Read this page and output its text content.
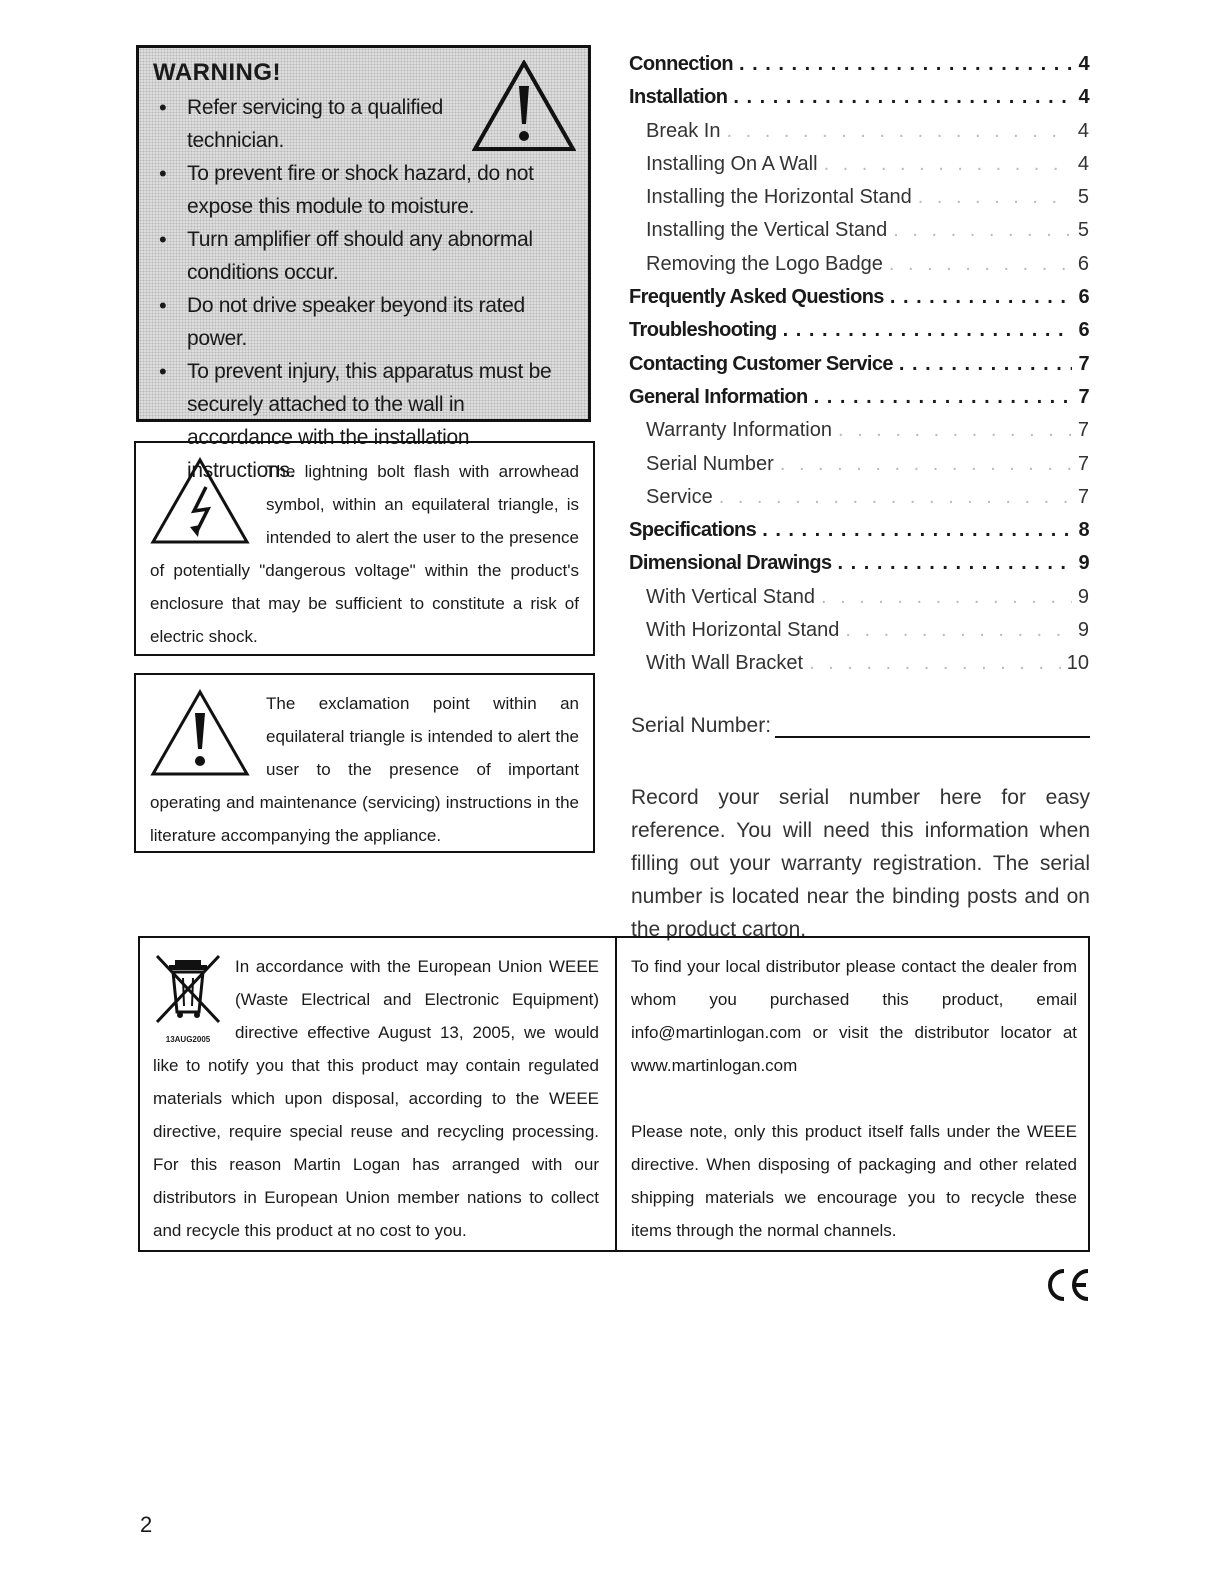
WARNING!
• Refer servicing to a qualified technician.
• To prevent fire or shock hazard, do not expose this module to moisture.
• Turn amplifier off should any abnormal conditions occur.
• Do not drive speaker beyond its rated power.
• To prevent injury, this apparatus must be securely attached to the wall in accordance with the installation instructions.
The lightning bolt flash with arrowhead symbol, within an equilateral triangle, is intended to alert the user to the presence of potentially "dangerous voltage" within the product's enclosure that may be sufficient to constitute a risk of electric shock.
The exclamation point within an equilateral triangle is intended to alert the user to the presence of important operating and maintenance (servicing) instructions in the literature accompanying the appliance.
Connection . . .	4
Installation . . .	4
Break In . . .	4
Installing On A Wall . . .	4
Installing the Horizontal Stand . . .	5
Installing the Vertical Stand . . .	5
Removing the Logo Badge . . .	6
Frequently Asked Questions . . .	6
Troubleshooting . . .	6
Contacting Customer Service . . .	7
General Information . . .	7
Warranty Information . . .	7
Serial Number . . .	7
Service . . .	7
Specifications . . .	8
Dimensional Drawings . . .	9
With Vertical Stand . . .	9
With Horizontal Stand . . .	9
With Wall Bracket . . .	10
Serial Number:
Record your serial number here for easy reference. You will need this information when filling out your warranty registration. The serial number is located near the binding posts and on the product carton.
13AUG2005
In accordance with the European Union WEEE (Waste Electrical and Electronic Equipment) directive effective August 13, 2005, we would like to notify you that this product may contain regulated materials which upon disposal, according to the WEEE directive, require special reuse and recycling processing. For this reason Martin Logan has arranged with our distributors in European Union member nations to collect and recycle this product at no cost to you.

To find your local distributor please contact the dealer from whom you purchased this product, email info@martinlogan.com or visit the distributor locator at www.martinlogan.com

Please note, only this product itself falls under the WEEE directive. When disposing of packaging and other related shipping materials we encourage you to recycle these items through the normal channels.

2
